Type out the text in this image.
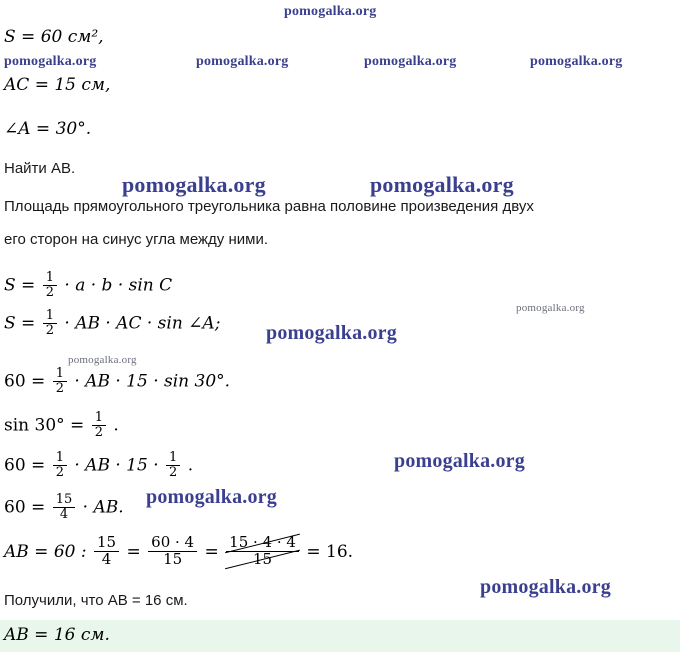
S = 60 см²,
AC = 15 см,
∠A = 30°.
Найти AB.
Площадь прямоугольного треугольника равна половине произведения двух
его сторон на синус угла между ними.
$S = \frac{1}{2} \cdot a \cdot b \cdot \sin C$
$S = \frac{1}{2}$ · AB · AC · sin ∠A;
$60 = \frac{1}{2}$ · AB · 15 · sin 30°.
$\sin 30^\circ = \frac{1}{2}$ .
$60 = \frac{1}{2}$ · AB · $15 \cdot \frac{1}{2}$ .
$60 = \frac{15}{4}$ · AB.
AB = 60 : $\frac{15}{4} = \frac{60 \cdot 4}{15} = \frac{15 \cdot 4 \cdot 4}{15} = 16$.
Получили, что AB = 16 см.
AB = 16 см.
pomogalka.org
pomogalka.org	pomogalka.org	pomogalka.org	pomogalka.org
pomogalka.org	pomogalka.org
pomogalka.org
pomogalka.org
pomogalka.org
pomogalka.org
pomogalka.org
pomogalka.org
